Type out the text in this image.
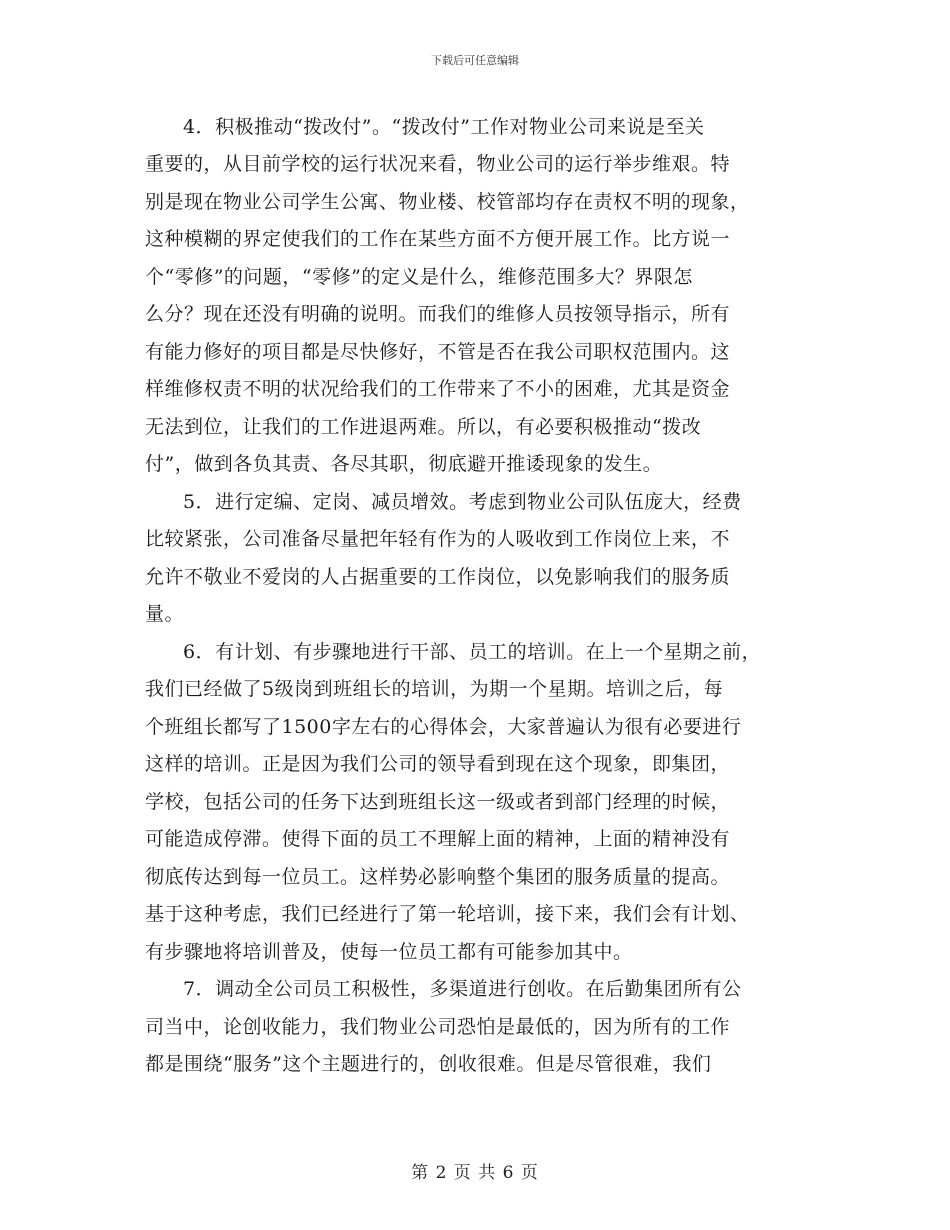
下载后可任意编辑
4．积极推动“拨改付”。“拨改付”工作对物业公司来说是至关
重要的，从目前学校的运行状况来看，物业公司的运行举步维艰。特
别是现在物业公司学生公寓、物业楼、校管部均存在责权不明的现象，
这种模糊的界定使我们的工作在某些方面不方便开展工作。比方说一
个“零修”的问题，“零修”的定义是什么，维修范围多大？界限怎
么分？现在还没有明确的说明。而我们的维修人员按领导指示，所有
有能力修好的项目都是尽快修好，不管是否在我公司职权范围内。这
样维修权责不明的状况给我们的工作带来了不小的困难，尤其是资金
无法到位，让我们的工作进退两难。所以，有必要积极推动“拨改
付”，做到各负其责、各尽其职，彻底避开推诿现象的发生。
5．进行定编、定岗、减员增效。考虑到物业公司队伍庞大，经费
比较紧张，公司准备尽量把年轻有作为的人吸收到工作岗位上来，不
允许不敬业不爱岗的人占据重要的工作岗位，以免影响我们的服务质
量。
6．有计划、有步骤地进行干部、员工的培训。在上一个星期之前，
我们已经做了5级岗到班组长的培训，为期一个星期。培训之后，每
个班组长都写了1500字左右的心得体会，大家普遍认为很有必要进行
这样的培训。正是因为我们公司的领导看到现在这个现象，即集团，
学校，包括公司的任务下达到班组长这一级或者到部门经理的时候，
可能造成停滞。使得下面的员工不理解上面的精神，上面的精神没有
彻底传达到每一位员工。这样势必影响整个集团的服务质量的提高。
基于这种考虑，我们已经进行了第一轮培训，接下来，我们会有计划、
有步骤地将培训普及，使每一位员工都有可能参加其中。
7．调动全公司员工积极性，多渠道进行创收。在后勤集团所有公
司当中，论创收能力，我们物业公司恐怕是最低的，因为所有的工作
都是围绕“服务”这个主题进行的，创收很难。但是尽管很难，我们
第 2 页 共 6 页
